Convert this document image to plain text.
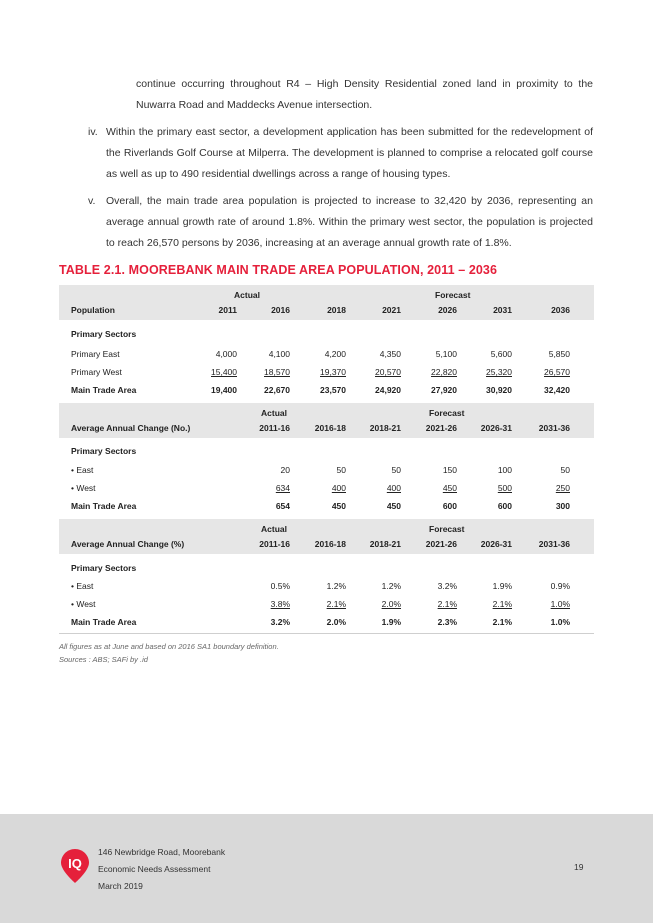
continue occurring throughout R4 – High Density Residential zoned land in proximity to the Nuwarra Road and Maddecks Avenue intersection.
iv. Within the primary east sector, a development application has been submitted for the redevelopment of the Riverlands Golf Course at Milperra. The development is planned to comprise a relocated golf course as well as up to 490 residential dwellings across a range of housing types.
v. Overall, the main trade area population is projected to increase to 32,420 by 2036, representing an average annual growth rate of around 1.8%. Within the primary west sector, the population is projected to reach 26,570 persons by 2036, increasing at an average annual growth rate of 1.8%.
TABLE 2.1. MOOREBANK MAIN TRADE AREA POPULATION, 2011 – 2036
Actual	Forecast
Population	2011	2016	2018	2021	2026	2031	2036
Primary Sectors
Primary East	4,000	4,100	4,200	4,350	5,100	5,600	5,850
Primary West	15,400	18,570	19,370	20,570	22,820	25,320	26,570
Main Trade Area	19,400	22,670	23,570	24,920	27,920	30,920	32,420
Actual	Forecast
Average Annual Change (No.)	2011-16	2016-18	2018-21	2021-26	2026-31	2031-36
Primary Sectors
• East	20	50	50	150	100	50
• West	634	400	400	450	500	250
Main Trade Area	654	450	450	600	600	300
Actual	Forecast
Average Annual Change (%)	2011-16	2016-18	2018-21	2021-26	2026-31	2031-36
Primary Sectors
• East	0.5%	1.2%	1.2%	3.2%	1.9%	0.9%
• West	3.8%	2.1%	2.0%	2.1%	2.1%	1.0%
Main Trade Area	3.2%	2.0%	1.9%	2.3%	2.1%	1.0%
All figures as at June and based on 2016 SA1 boundary definition.
Sources : ABS; SAFi by .id
IQ
146 Newbridge Road, Moorebank
Economic Needs Assessment
March 2019
19
